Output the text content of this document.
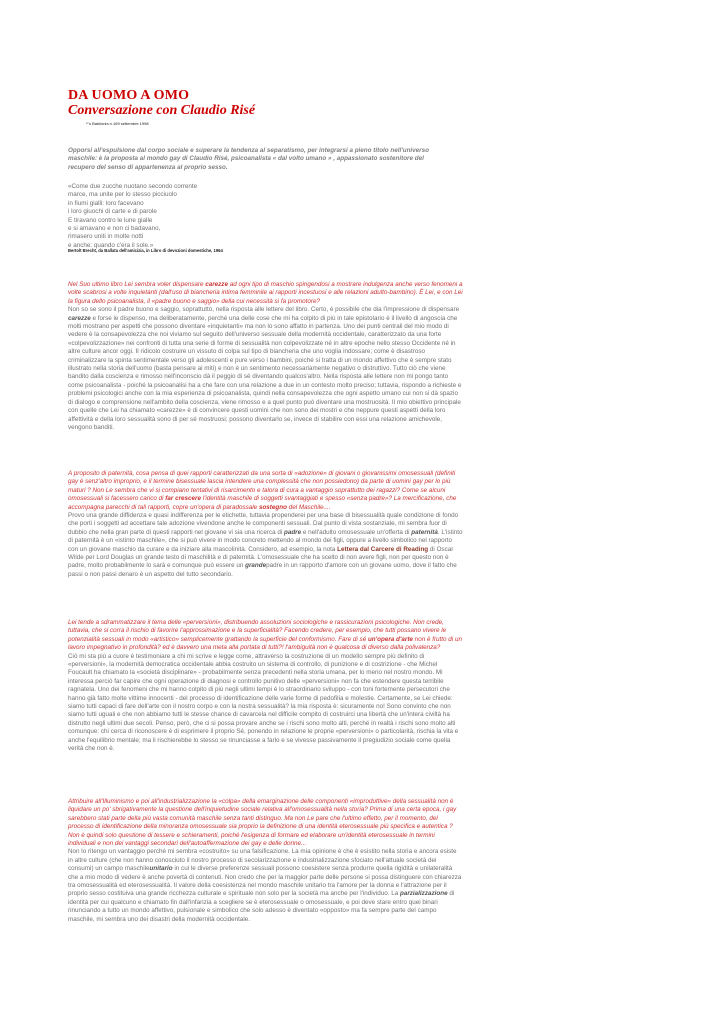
DA UOMO A OMO
Conversazione con Claudio Risé
*"s Babilonia n.169 settembre 1998
Opporsi all'espulsione dal corpo sociale e superare la tendenza al separatismo, per integrarsi a pieno titolo nell'universo maschile: è la proposta al mondo gay di Claudio Risé, psicoanalista « dal volto umano » , appassionato sostenitore del recupero del senso di appartenenza al proprio sesso.
«Come due zucche nuotano secondo corrente
marce, ma unite per lo stesso picciuolo
in fiumi gialli: loro facevano
i loro giuochi di carte e di parole
E tiravano contro le lune gialle
e si amavano e non ci badavano,
rimasero uniti in molte notti
e anche: quando c'era il sole.»
Bertolt Brecht, da Ballata dell'amicizia, in Libro di devozioni domestiche, 1964
Nel Suo ultimo libro Lei sembra voler dispensare carezze ad ogni tipo di maschio spingendosi a mostrare indulgenza anche verso fenomeni a volte scabrosi a volte inquietanti (dall'uso di biancheria intima femminile ai rapporti incestuosi e alle relazioni adulto-bambino). È Lei, e con Lei la figura dello psicoanalista, il «padre buono e saggio» della cui necessità si fa promotore?
Non so se sono il padre buono e saggio, soprattutto, nella risposta alle lettere del libro. Certo, è possibile che dia l'impressione di dispensare carezze e forse le dispenso, ma deliberatamente, perché una delle cose che mi ha colpito di più in tale epistolario è il livello di angoscia che molti mostrano per aspetti che possono diventare «inquietanti» ma non lo sono affatto in partenza. Uno dei punti centrali del mio modo di vedere è la consapevolezza che noi viviamo sul seguito dell'universo sessuale della modernità occidentale, caratterizzato da una forte «colpevolizzazione» nei confronti di tutta una serie di forme di sessualità non colpevolizzate né in altre epoche nello stesso Occidente né in altre culture ancor oggi. Il ridicolo costruire un vissuto di colpa sul tipo di biancheria che uno voglia indossare; come è disastroso criminalizzare la spinta sentimentale verso gli adolescenti e pure verso i bambini, poiché si tratta di un mondo affettivo che è sempre stato illustrato nella storia dell'uomo (basta pensare ai miti) e non è un sentimento necessariamente negativo o distruttivo. Tutto ciò che viene bandito dalla coscienza e rimosso nell'inconscio dà il peggio di sé diventando qualcos'altro. Nella risposta alle lettere non mi pongo tanto come psicoanalista - poiché la psicoanalisi ha a che fare con una relazione a due in un contesto molto preciso; tuttavia, rispondo a richieste e problemi psicologici anche con la mia esperienza di psicoanalista, quindi nella consapevolezza che ogni aspetto umano cui non si dà spazio di dialogo e comprensione nell'ambito della coscienza, viene rimosso e a quel punto può diventare una mostruosità. Il mio obiettivo principale con quelle che Lei ha chiamato «carezze» è di convincere questi uomini che non sono dei mostri e che neppure questi aspetti della loro affettività e della loro sessualità sono di per sé mostruosi; possono diventarlo se, invece di stabilire con essi una relazione amichevole, vengono banditi.
A proposito di paternità, cosa pensa di quei rapporti caratterizzati da una sorta di «adozione» di giovani o giovanissimi omosessuali (definiti gay è senz'altro improprio, e il termine bisessuale lascia intendere una complessità che non possiedono) da parte di uomini gay per lo più maturi ? Non Le sembra che vi si compiano tentativi di risarcimento e talora di cura a vantaggio soprattutto dei ragazzi? Come se alcuni omosessuali si facessero carico di far crescere l'identità maschile di soggetti svantaggiati e spesso «senza padre»? La mercificazione, che accompagna parecchi di tali rapporti, copre un'opera di paradossale sostegno del Maschile....
Provo una grande diffidenza e quasi indifferenza per le etichette, tuttavia propenderei per una base di bisessualità quale condizione di fondo che porti i soggetti ad accettare tale adozione vivendone anche le componenti sessuali. Dal punto di vista sostanziale, mi sembra fuor di dubbio che nella gran parte di questi rapporti nel giovane vi sia una ricerca di padre e nell'adulto omosessuale un'offerta di paternità. L'istinto di paternità è un «istinto maschile», che si può vivere in modo concreto mettendo al mondo dei figli, oppure a livello simbolico nel rapporto con un giovane maschio da curare e da iniziare alla mascolinità. Considero, ad esempio, la nota Lettera dal Carcere di Reading di Oscar Wilde per Lord Douglas un grande testo di maschilità e di paternità. L'omosessuale che ha scelto di non avere figli, non per questo non è padre, molto probabilmente lo sarà e comunque può essere un grandepadre in un rapporto d'amore con un giovane uomo, dove il fatto che passi o non passi denaro è un aspetto del tutto secondario.
Lei tende a sdrammatizzare il tema delle «perversioni», distribuendo assoluzioni sociologiche e rassicurazioni psicologiche. Non crede, tuttavia, che si corra il rischio di favorire l'approssimazione e la superficialità? Facendo credere, per esempio, che tutti possano vivere le potenzialità sessuali in modo «artistico» semplicemente grattando la superficie del conformismo. Fare di sé un'opera d'arte non è frutto di un lavoro impegnativo in profondità? ed è davvero una meta alla portata di tutti?! l'ambiguità non è qualcosa di diverso dalla polivalenza?
Ciò mi sta più a cuore è testimoniare a chi mi scrive e legge come, attraverso la costruzione di un modello sempre più definito di «perversioni», la modernità democratica occidentale abbia costruito un sistema di controllo, di punizione e di costrizione - che Michel Foucault ha chiamato la «società disciplinare» - probabilmente senza precedenti nella storia umana, per lo meno nel nostro mondo. Mi interessa perciò far capire che ogni operazione di diagnosi e controllo punitivo delle «perversioni» non fa che estendere questa terribile ragnatela. Uno dei fenomeni che mi hanno colpito di più negli ultimi tempi è lo straordinario sviluppo - con toni fortemente persecutori che hanno già fatto molte vittime innocenti - del processo di identificazione delle varie forme di pedofilia e molestie. Certamente, se Lei chiede: siamo tutti capaci di fare dell'arte con il nostro corpo e con la nostra sessualità? la mia risposta è: sicuramente no! Sono convinto che non siamo tutti uguali e che non abbiamo tutti le stesse chance di cavarcela nel difficile compito di costruirci una libertà che un'intera civiltà ha distrutto negli ultimi due secoli. Penso, però, che ci si possa provare anche se i rischi sono molto alti, perché in realtà i rischi sono molto alti comunque: chi cerca di riconoscere è di esprimere il proprio Sé, ponendo in relazione le proprie «perversioni» o particolarità, rischia la vita e anche l'equilibrio mentale; ma li rischierebbe lo stesso se rinunciasse a farlo e se vivesse passivamente il pregiudizio sociale come quella verità che non è.
Attribuire all'Illuminismo e poi all'industrializzazione la «colpa» della emarginazione delle componenti «improduttive» della sessualità non è liquidare un po' sbrigativamente la questione dell'inquietudine sociale relativa all'omosessualità nella storia? Prima di una certa epoca, i gay sarebbero stati parte della più vasta comunità maschile senza tanti distinguo. Ma non Le pare che l'ultimo effetto, per il momento, del processo di identificazione della minoranza omosessuale sia proprio la definizione di una identità eterosessuale più specifica e autentica ? Non è quindi solo questione di tessere e schieramenti, poiché l'esigenza di formare ed elaborare un'identità eterosessuale in termini individuali e non dei vantaggi secondari dell'autoaffermazione dei gay e delle donne...
Non lo ritengo un vantaggio perché mi sembra «costruito» su una falsificazione. La mia opinione è che è esistito nella storia e ancora esiste in altre culture (che non hanno conosciuto il nostro processo di secolarizzazione e industrializzazione sfociato nell'attuale società dei consumi) un campo maschileunitario in cui le diverse preferenze sessuali possono coesistere senza produrre quella rigidità e unilateralità che a mio modo di vedere è anche povertà di contenuti. Non credo che per la maggior parte delle persone si possa distinguere con chiarezza tra omosessualità ed eterosessualità. Il valore della coesistenza nel mondo maschile unitario tra l'amore per la donna e l'attrazione per il proprio sesso costituiva una grande ricchezza culturale e spirituale non solo per la società ma anche per l'individuo. La parzializzazione di identità per cui qualcuno e chiamato fin dall'infanzia a scegliere se è eterosessuale o omosessuale, e poi deve stare entro quei binari rinunciando a tutto un mondo affettivo, pulsionale e simbolico che solo adesso è diventato «opposto» ma fa sempre parte del campo maschile, mi sembra uno dei disastri della modernità occidentale.
